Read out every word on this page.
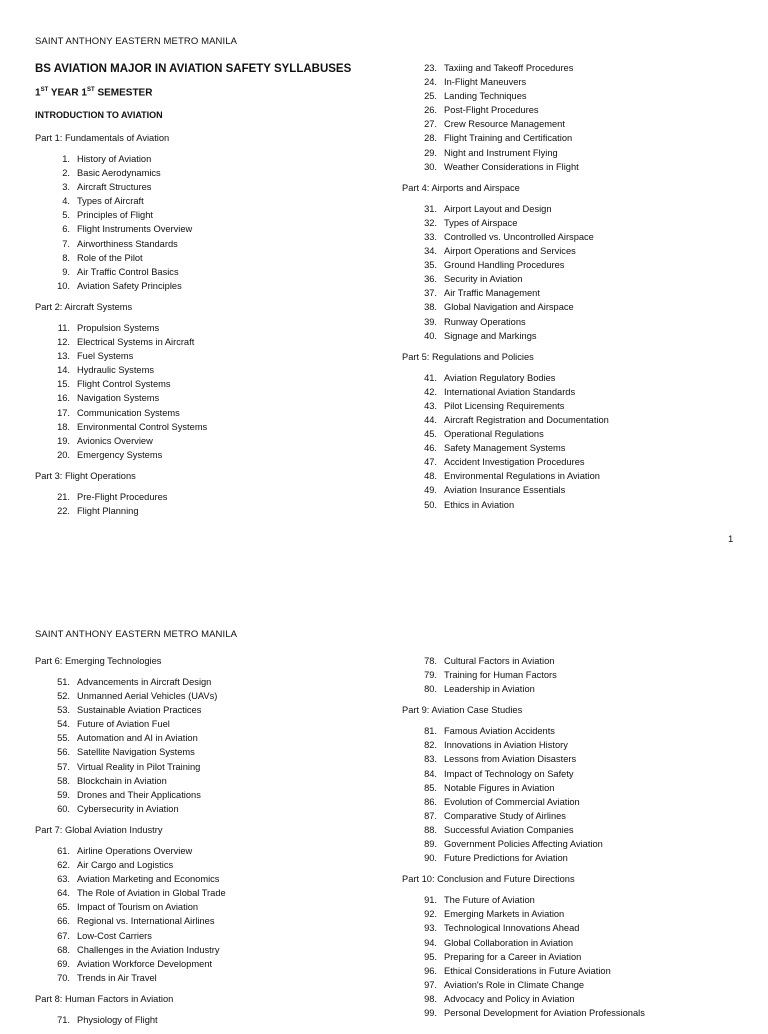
SAINT ANTHONY EASTERN METRO MANILA
BS AVIATION MAJOR IN AVIATION SAFETY SYLLABUSES
1ST YEAR 1ST SEMESTER
INTRODUCTION TO AVIATION
Part 1: Fundamentals of Aviation
1. History of Aviation
2. Basic Aerodynamics
3. Aircraft Structures
4. Types of Aircraft
5. Principles of Flight
6. Flight Instruments Overview
7. Airworthiness Standards
8. Role of the Pilot
9. Air Traffic Control Basics
10. Aviation Safety Principles
Part 2: Aircraft Systems
11. Propulsion Systems
12. Electrical Systems in Aircraft
13. Fuel Systems
14. Hydraulic Systems
15. Flight Control Systems
16. Navigation Systems
17. Communication Systems
18. Environmental Control Systems
19. Avionics Overview
20. Emergency Systems
Part 3: Flight Operations
21. Pre-Flight Procedures
22. Flight Planning
23. Taxiing and Takeoff Procedures
24. In-Flight Maneuvers
25. Landing Techniques
26. Post-Flight Procedures
27. Crew Resource Management
28. Flight Training and Certification
29. Night and Instrument Flying
30. Weather Considerations in Flight
Part 4: Airports and Airspace
31. Airport Layout and Design
32. Types of Airspace
33. Controlled vs. Uncontrolled Airspace
34. Airport Operations and Services
35. Ground Handling Procedures
36. Security in Aviation
37. Air Traffic Management
38. Global Navigation and Airspace
39. Runway Operations
40. Signage and Markings
Part 5: Regulations and Policies
41. Aviation Regulatory Bodies
42. International Aviation Standards
43. Pilot Licensing Requirements
44. Aircraft Registration and Documentation
45. Operational Regulations
46. Safety Management Systems
47. Accident Investigation Procedures
48. Environmental Regulations in Aviation
49. Aviation Insurance Essentials
50. Ethics in Aviation
1
SAINT ANTHONY EASTERN METRO MANILA
Part 6: Emerging Technologies
51. Advancements in Aircraft Design
52. Unmanned Aerial Vehicles (UAVs)
53. Sustainable Aviation Practices
54. Future of Aviation Fuel
55. Automation and AI in Aviation
56. Satellite Navigation Systems
57. Virtual Reality in Pilot Training
58. Blockchain in Aviation
59. Drones and Their Applications
60. Cybersecurity in Aviation
Part 7: Global Aviation Industry
61. Airline Operations Overview
62. Air Cargo and Logistics
63. Aviation Marketing and Economics
64. The Role of Aviation in Global Trade
65. Impact of Tourism on Aviation
66. Regional vs. International Airlines
67. Low-Cost Carriers
68. Challenges in the Aviation Industry
69. Aviation Workforce Development
70. Trends in Air Travel
Part 8: Human Factors in Aviation
71. Physiology of Flight
78. Cultural Factors in Aviation
79. Training for Human Factors
80. Leadership in Aviation
Part 9: Aviation Case Studies
81. Famous Aviation Accidents
82. Innovations in Aviation History
83. Lessons from Aviation Disasters
84. Impact of Technology on Safety
85. Notable Figures in Aviation
86. Evolution of Commercial Aviation
87. Comparative Study of Airlines
88. Successful Aviation Companies
89. Government Policies Affecting Aviation
90. Future Predictions for Aviation
Part 10: Conclusion and Future Directions
91. The Future of Aviation
92. Emerging Markets in Aviation
93. Technological Innovations Ahead
94. Global Collaboration in Aviation
95. Preparing for a Career in Aviation
96. Ethical Considerations in Future Aviation
97. Aviation's Role in Climate Change
98. Advocacy and Policy in Aviation
99. Personal Development for Aviation Professionals
